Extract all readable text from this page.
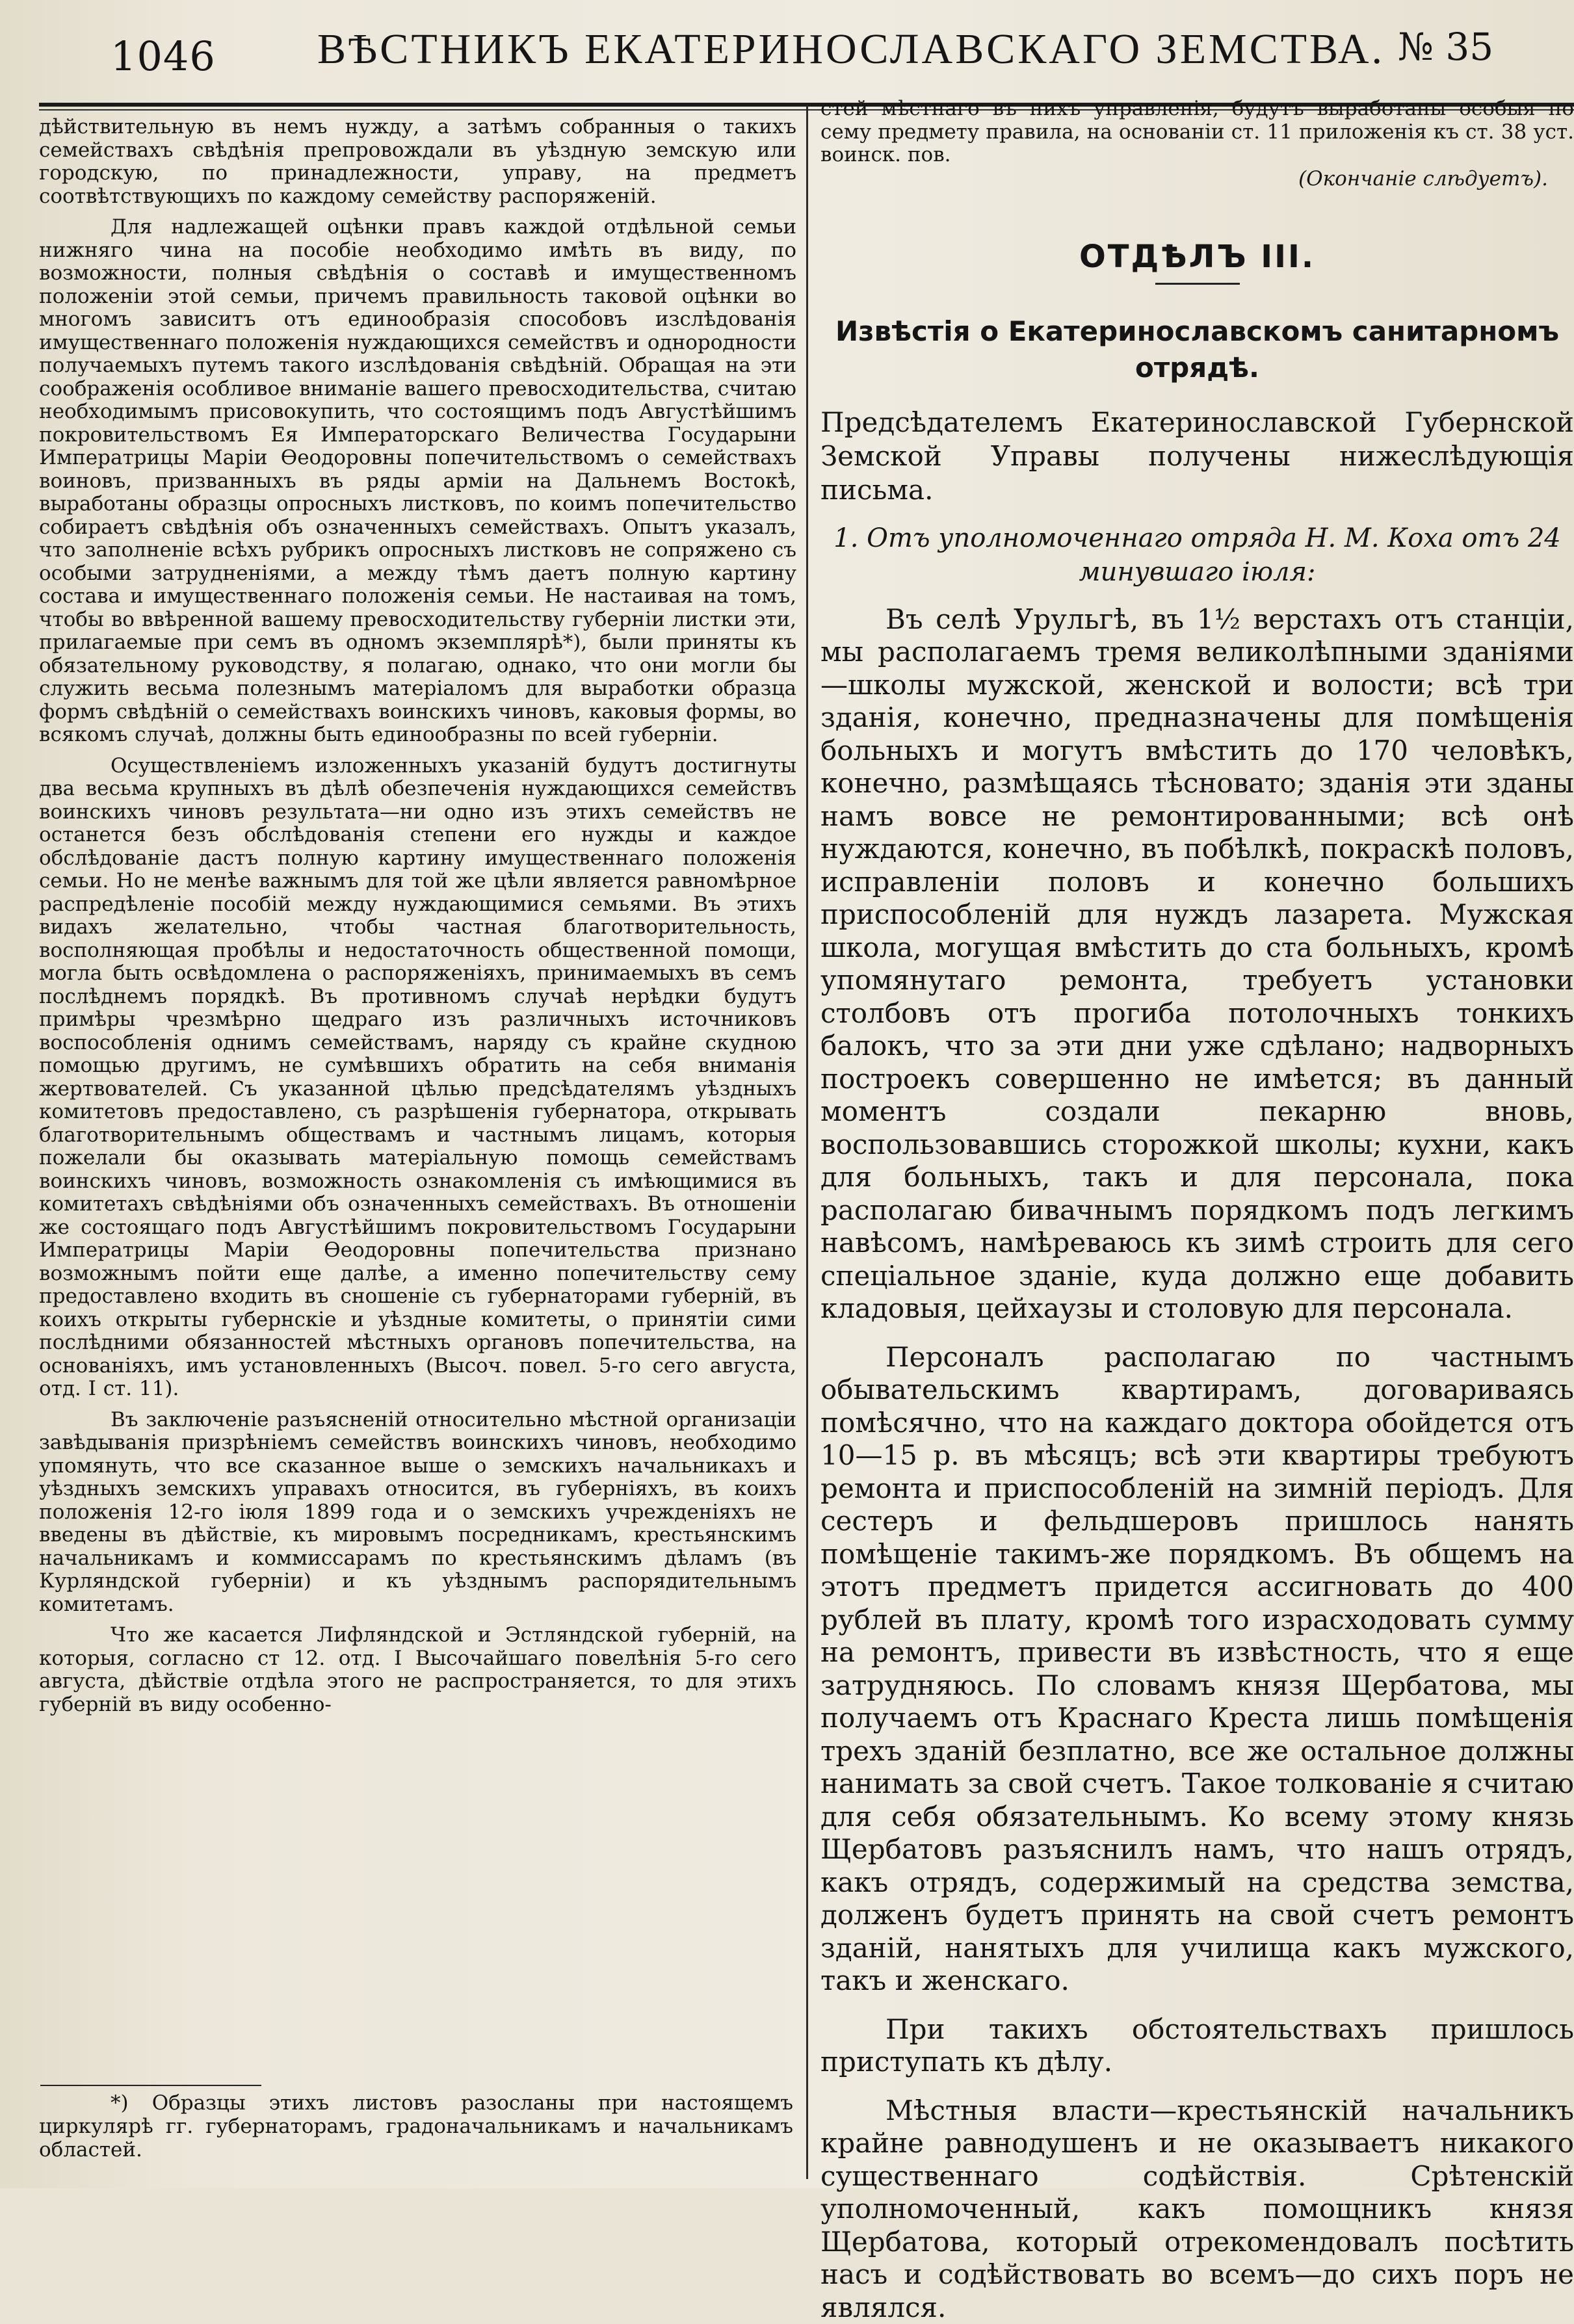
1046 ВѢСТНИКЪ ЕКАТЕРИНОСЛАВСКАГО ЗЕМСТВА. № 35

дѣйствительную въ немъ нужду, а затѣмъ собранныя о такихъ семействахъ свѣдѣнія препровождали въ уѣздную земскую или городскую, по принадлежности, управу, на предметъ соотвѣтствующихъ по каждому семейству распоряженій.

Для надлежащей оцѣнки правъ каждой отдѣльной семьи нижняго чина на пособіе необходимо имѣть въ виду, по возможности, полныя свѣдѣнія о составѣ и имущественномъ положеніи этой семьи, причемъ правильность таковой оцѣнки во многомъ зависитъ отъ единообразія способовъ изслѣдованія имущественнаго положенія нуждающихся семействъ и однородности получаемыхъ путемъ такого изслѣдованія свѣдѣній. Обращая на эти соображенія особливое вниманіе вашего превосходительства, считаю необходимымъ присовокупить, что состоящимъ подъ Августѣйшимъ покровительствомъ Ея Императорскаго Величества Государыни Императрицы Маріи Ѳеодоровны попечительствомъ о семействахъ воиновъ, призванныхъ въ ряды арміи на Дальнемъ Востокѣ, выработаны образцы опросныхъ листковъ, по коимъ попечительство собираетъ свѣдѣнія объ означенныхъ семействахъ. Опытъ указалъ, что заполненіе всѣхъ рубрикъ опросныхъ листковъ не сопряжено съ особыми затрудненіями, а между тѣмъ даетъ полную картину состава и имущественнаго положенія семьи. Не настаивая на томъ, чтобы во ввѣренной вашему превосходительству губерніи листки эти, прилагаемые при семъ въ одномъ экземплярѣ*), были приняты къ обязательному руководству, я полагаю, однако, что они могли бы служить весьма полезнымъ матеріаломъ для выработки образца формъ свѣдѣній о семействахъ воинскихъ чиновъ, каковыя формы, во всякомъ случаѣ, должны быть единообразны по всей губерніи.

Осуществленіемъ изложенныхъ указаній будутъ достигнуты два весьма крупныхъ въ дѣлѣ обезпеченія нуждающихся семействъ воинскихъ чиновъ результата—ни одно изъ этихъ семействъ не останется безъ обслѣдованія степени его нужды и каждое обслѣдованіе дастъ полную картину имущественнаго положенія семьи. Но не менѣе важнымъ для той же цѣли является равномѣрное распредѣленіе пособій между нуждающимися семьями. Въ этихъ видахъ желательно, чтобы частная благотворительность, восполняющая пробѣлы и недостаточность общественной помощи, могла быть освѣдомлена о распоряженіяхъ, принимаемыхъ въ семъ послѣднемъ порядкѣ. Въ противномъ случаѣ нерѣдки будутъ примѣры чрезмѣрно щедраго изъ различныхъ источниковъ воспособленія однимъ семействамъ, наряду съ крайне скудною помощью другимъ, не сумѣвшихъ обратить на себя вниманія жертвователей. Съ указанной цѣлью предсѣдателямъ уѣздныхъ комитетовъ предоставлено, съ разрѣшенія губернатора, открывать благотворительнымъ обществамъ и частнымъ лицамъ, которыя пожелали бы оказывать матеріальную помощь семействамъ воинскихъ чиновъ, возможность ознакомленія съ имѣющимися въ комитетахъ свѣдѣніями объ означенныхъ семействахъ. Въ отношеніи же состоящаго подъ Августѣйшимъ покровительствомъ Государыни Императрицы Маріи Ѳеодоровны попечительства признано возможнымъ пойти еще далѣе, а именно попечительству сему предоставлено входить въ сношеніе съ губернаторами губерній, въ коихъ открыты губернскіе и уѣздные комитеты, о принятіи сими послѣдними обязанностей мѣстныхъ органовъ попечительства, на основаніяхъ, имъ установленныхъ (Высоч. повел. 5-го сего августа, отд. I ст. 11).

Въ заключеніе разъясненій относительно мѣстной организаціи завѣдыванія призрѣніемъ семействъ воинскихъ чиновъ, необходимо упомянуть, что все сказанное выше о земскихъ начальникахъ и уѣздныхъ земскихъ управахъ относится, въ губерніяхъ, въ коихъ положенія 12-го іюля 1899 года и о земскихъ учрежденіяхъ не введены въ дѣйствіе, къ мировымъ посредникамъ, крестьянскимъ начальникамъ и коммиссарамъ по крестьянскимъ дѣламъ (въ Курляндской губерніи) и къ уѣзднымъ распорядительнымъ комитетамъ.

Что же касается Лифляндской и Эстляндской губерній, на которыя, согласно ст 12. отд. I Высочайшаго повелѣнія 5-го сего августа, дѣйствіе отдѣла этого не распространяется, то для этихъ губерній въ виду особенно-

*) Образцы этихъ листовъ разосланы при настоящемъ циркулярѣ гг. губернаторамъ, градоначальникамъ и начальникамъ областей.

стей мѣстнаго въ нихъ управленія, будутъ выработаны особыя по сему предмету правила, на основаніи ст. 11 приложенія къ ст. 38 уст. воинск. пов.

(Окончаніе слѣдуетъ).

ОТДѢЛЪ III.
Извѣстія о Екатеринославскомъ санитарномъ отрядѣ.

Предсѣдателемъ Екатеринославской Губернской Земской Управы получены нижеслѣдующія письма.

1. Отъ уполномоченнаго отряда Н. М. Коха отъ 24 минувшаго іюля:

Въ селѣ Урульгѣ, въ 1½ верстахъ отъ станціи, мы располагаемъ тремя великолѣпными зданіями—школы мужской, женской и волости; всѣ три зданія, конечно, предназначены для помѣщенія больныхъ и могутъ вмѣстить до 170 человѣкъ, конечно, размѣщаясь тѣсновато; зданія эти зданы намъ вовсе не ремонтированными; всѣ онѣ нуждаются, конечно, въ побѣлкѣ, покраскѣ половъ, исправленіи половъ и конечно большихъ приспособленій для нуждъ лазарета. Мужская школа, могущая вмѣстить до ста больныхъ, кромѣ упомянутаго ремонта, требуетъ установки столбовъ отъ прогиба потолочныхъ тонкихъ балокъ, что за эти дни уже сдѣлано; надворныхъ построекъ совершенно не имѣется; въ данный моментъ создали пекарню вновь, воспользовавшись сторожкой школы; кухни, какъ для больныхъ, такъ и для персонала, пока располагаю бивачнымъ порядкомъ подъ легкимъ навѣсомъ, намѣреваюсь къ зимѣ строить для сего спеціальное зданіе, куда должно еще добавить кладовыя, цейхаузы и столовую для персонала.

Персоналъ располагаю по частнымъ обывательскимъ квартирамъ, договариваясь помѣсячно, что на каждаго доктора обойдется отъ 10—15 р. въ мѣсяцъ; всѣ эти квартиры требуютъ ремонта и приспособленій на зимній періодъ. Для сестеръ и фельдшеровъ пришлось нанять помѣщеніе такимъ-же порядкомъ. Въ общемъ на этотъ предметъ придется ассигновать до 400 рублей въ плату, кромѣ того израсходовать сумму на ремонтъ, привести въ извѣстность, что я еще затрудняюсь. По словамъ князя Щербатова, мы получаемъ отъ Краснаго Креста лишь помѣщенія трехъ зданій безплатно, все же остальное должны нанимать за свой счетъ. Такое толкованіе я считаю для себя обязательнымъ. Ко всему этому князь Щербатовъ разъяснилъ намъ, что нашъ отрядъ, какъ отрядъ, содержимый на средства земства, долженъ будетъ принять на свой счетъ ремонтъ зданій, нанятыхъ для училища какъ мужского, такъ и женскаго.

При такихъ обстоятельствахъ пришлось приступать къ дѣлу.

Мѣстныя власти—крестьянскій начальникъ крайне равнодушенъ и не оказываетъ никакого существеннаго содѣйствія. Срѣтенскій уполномоченный, какъ помощникъ князя Щербатова, который отрекомендовалъ посѣтить насъ и содѣйствовать во всемъ—до сихъ поръ не являлся.
